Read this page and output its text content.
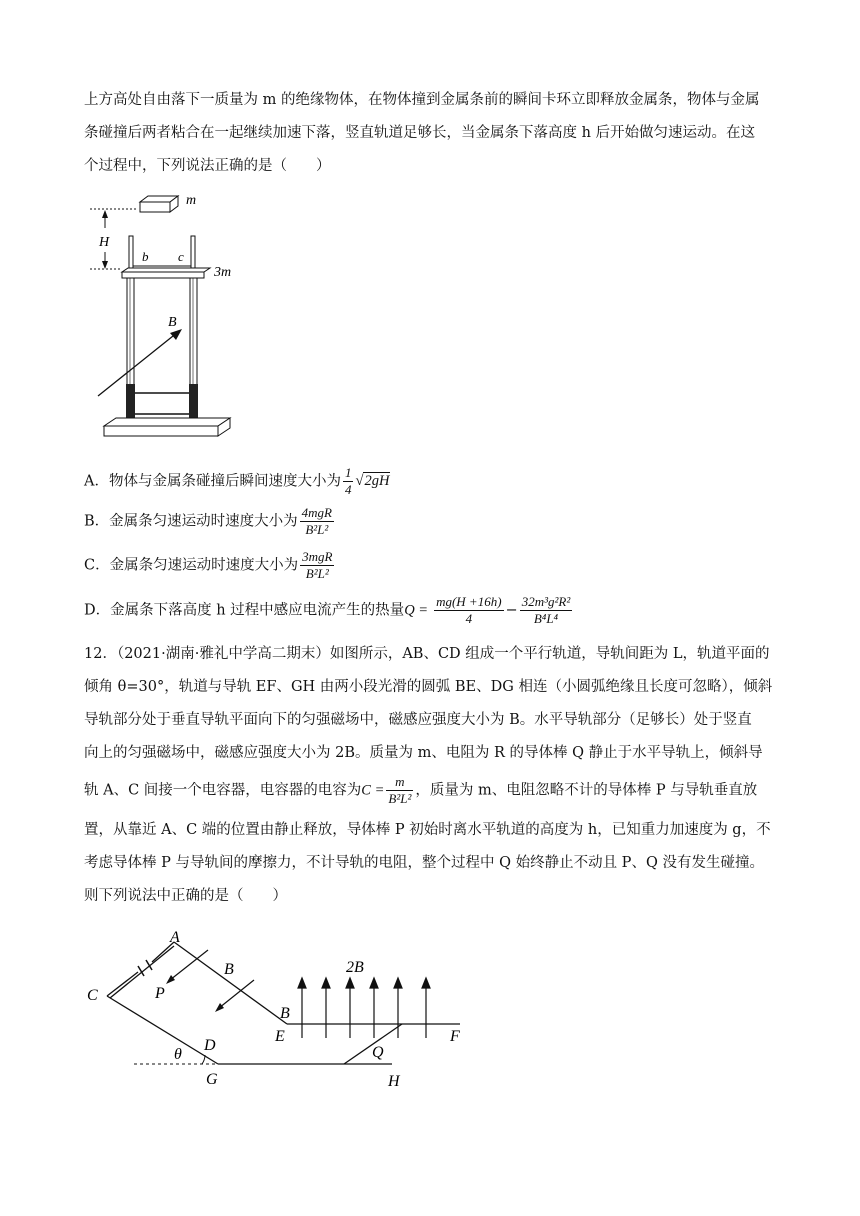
上方高处自由落下一质量为 m 的绝缘物体，在物体撞到金属条前的瞬间卡环立即释放金属条，物体与金属
条碰撞后两者粘合在一起继续加速下落，竖直轨道足够长，当金属条下落高度 h 后开始做匀速运动。在这
个过程中，下列说法正确的是（　　）
m
H
b c
3m
B
A．物体与金属条碰撞后瞬间速度大小为 $\frac{1}{4} √2gH$
B．金属条匀速运动时速度大小为 $\frac{\text{4mgR}}{\text{B²L²}}$
C．金属条匀速运动时速度大小为 $\frac{\text{3mgR}}{\text{B²L²}}$
D．金属条下落高度 h 过程中感应电流产生的热量$Q = \frac{mg(H +16h)}{4} - \frac{\text{32m³g²R²}}{\text{B⁴L⁴}}$
12．（2021·湖南·雅礼中学高二期末）如图所示，AB、CD 组成一个平行轨道，导轨间距为 L，轨道平面的
倾角 θ=30°，轨道与导轨 EF、GH 由两小段光滑的圆弧 BE、DG 相连（小圆弧绝缘且长度可忽略），倾斜
导轨部分处于垂直导轨平面向下的匀强磁场中，磁感应强度大小为 B。水平导轨部分（足够长）处于竖直
向上的匀强磁场中，磁感应强度大小为 2B。质量为 m、电阻为 R 的导体棒 Q 静止于水平导轨上，倾斜导
轨 A、C 间接一个电容器，电容器的电容为$C = \frac{m}{\text{B²L²}}$ ，质量为 m、电阻忽略不计的导体棒 P 与导轨垂直放
置，从靠近 A、C 端的位置由静止释放，导体棒 P 初始时离水平轨道的高度为 h，已知重力加速度为 g，不
考虑导体棒 P 与导轨间的摩擦力，不计导轨的电阻，整个过程中 Q 始终静止不动且 P、Q 没有发生碰撞。
则下列说法中正确的是（　　）
A
B
C	P
2B
B
E	F
D
θ
G
Q
H
